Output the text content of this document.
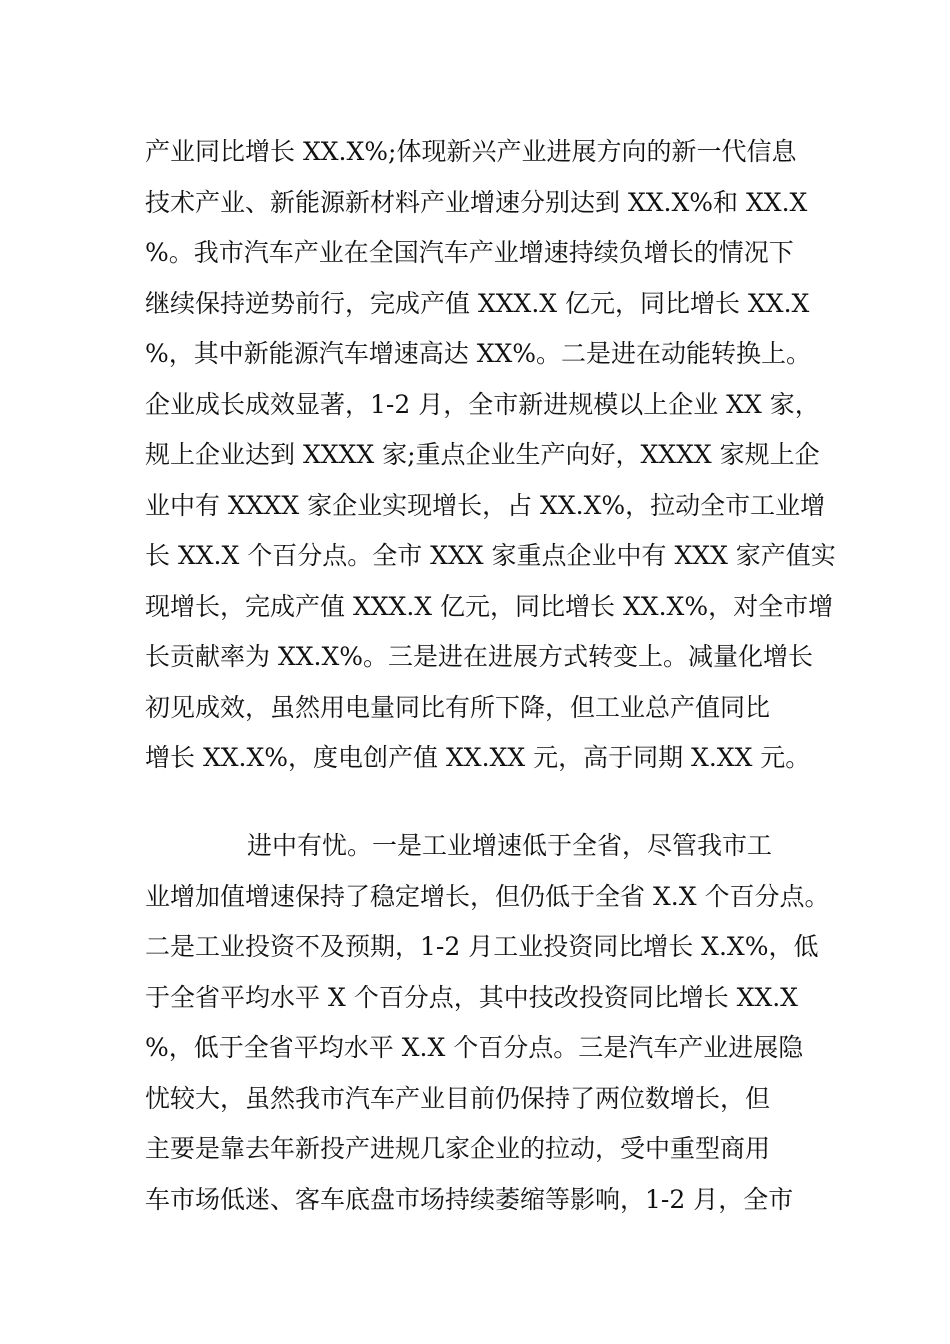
产业同比增长 XX.X%;体现新兴产业进展方向的新一代信息
技术产业、新能源新材料产业增速分别达到 XX.X%和 XX.X
%。我市汽车产业在全国汽车产业增速持续负增长的情况下
继续保持逆势前行，完成产值 XXX.X 亿元，同比增长 XX.X
%，其中新能源汽车增速高达 XX%。二是进在动能转换上。
企业成长成效显著，1-2 月，全市新进规模以上企业 XX 家，
规上企业达到 XXXX 家;重点企业生产向好，XXXX 家规上企
业中有 XXXX 家企业实现增长，占 XX.X%，拉动全市工业增
长 XX.X 个百分点。全市 XXX 家重点企业中有 XXX 家产值实
现增长，完成产值 XXX.X 亿元，同比增长 XX.X%，对全市增
长贡献率为 XX.X%。三是进在进展方式转变上。减量化增长
初见成效，虽然用电量同比有所下降，但工业总产值同比
增长 XX.X%，度电创产值 XX.XX 元，高于同期 X.XX 元。
进中有忧。一是工业增速低于全省，尽管我市工
业增加值增速保持了稳定增长，但仍低于全省 X.X 个百分点。
二是工业投资不及预期，1-2 月工业投资同比增长 X.X%，低
于全省平均水平 X 个百分点，其中技改投资同比增长 XX.X
%，低于全省平均水平 X.X 个百分点。三是汽车产业进展隐
忧较大，虽然我市汽车产业目前仍保持了两位数增长，但
主要是靠去年新投产进规几家企业的拉动，受中重型商用
车市场低迷、客车底盘市场持续萎缩等影响，1-2 月，全市
